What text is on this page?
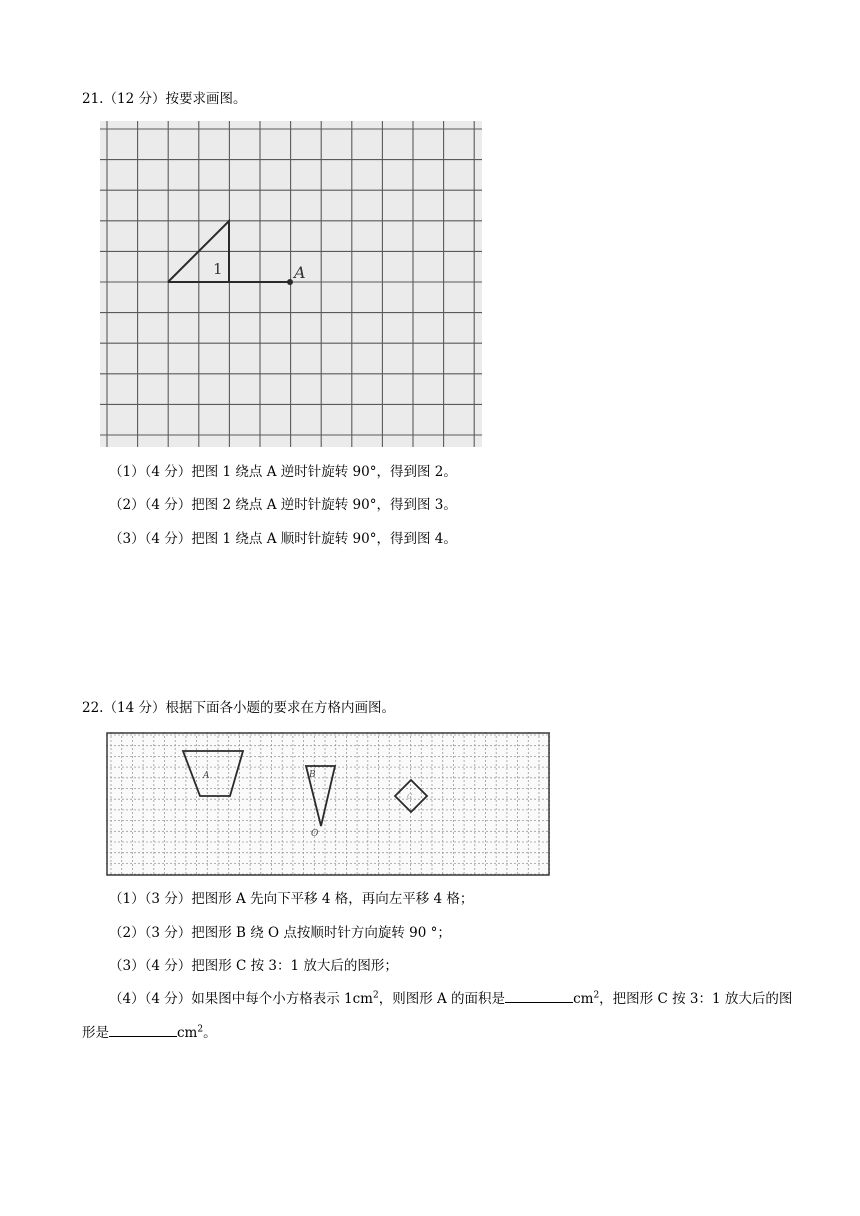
21.（12 分）按要求画图。
1	A
（1）（4 分）把图 1 绕点 A 逆时针旋转 90°，得到图 2。
（2）（4 分）把图 2 绕点 A 逆时针旋转 90°，得到图 3。
（3）（4 分）把图 1 绕点 A 顺时针旋转 90°，得到图 4。
22.（14 分）根据下面各小题的要求在方格内画图。
A	B
O
C
（1）（3 分）把图形 A 先向下平移 4 格，再向左平移 4 格；
（2）（3 分）把图形 B 绕 O 点按顺时针方向旋转 90 °；
（3）（4 分）把图形 C 按 3：1 放大后的图形；
（4）（4 分）如果图中每个小方格表示 $1cm^2$，则图形 A 的面积是	$cm^2$，把图形 C 按 3：1 放大后的图形是	$cm^2$。
